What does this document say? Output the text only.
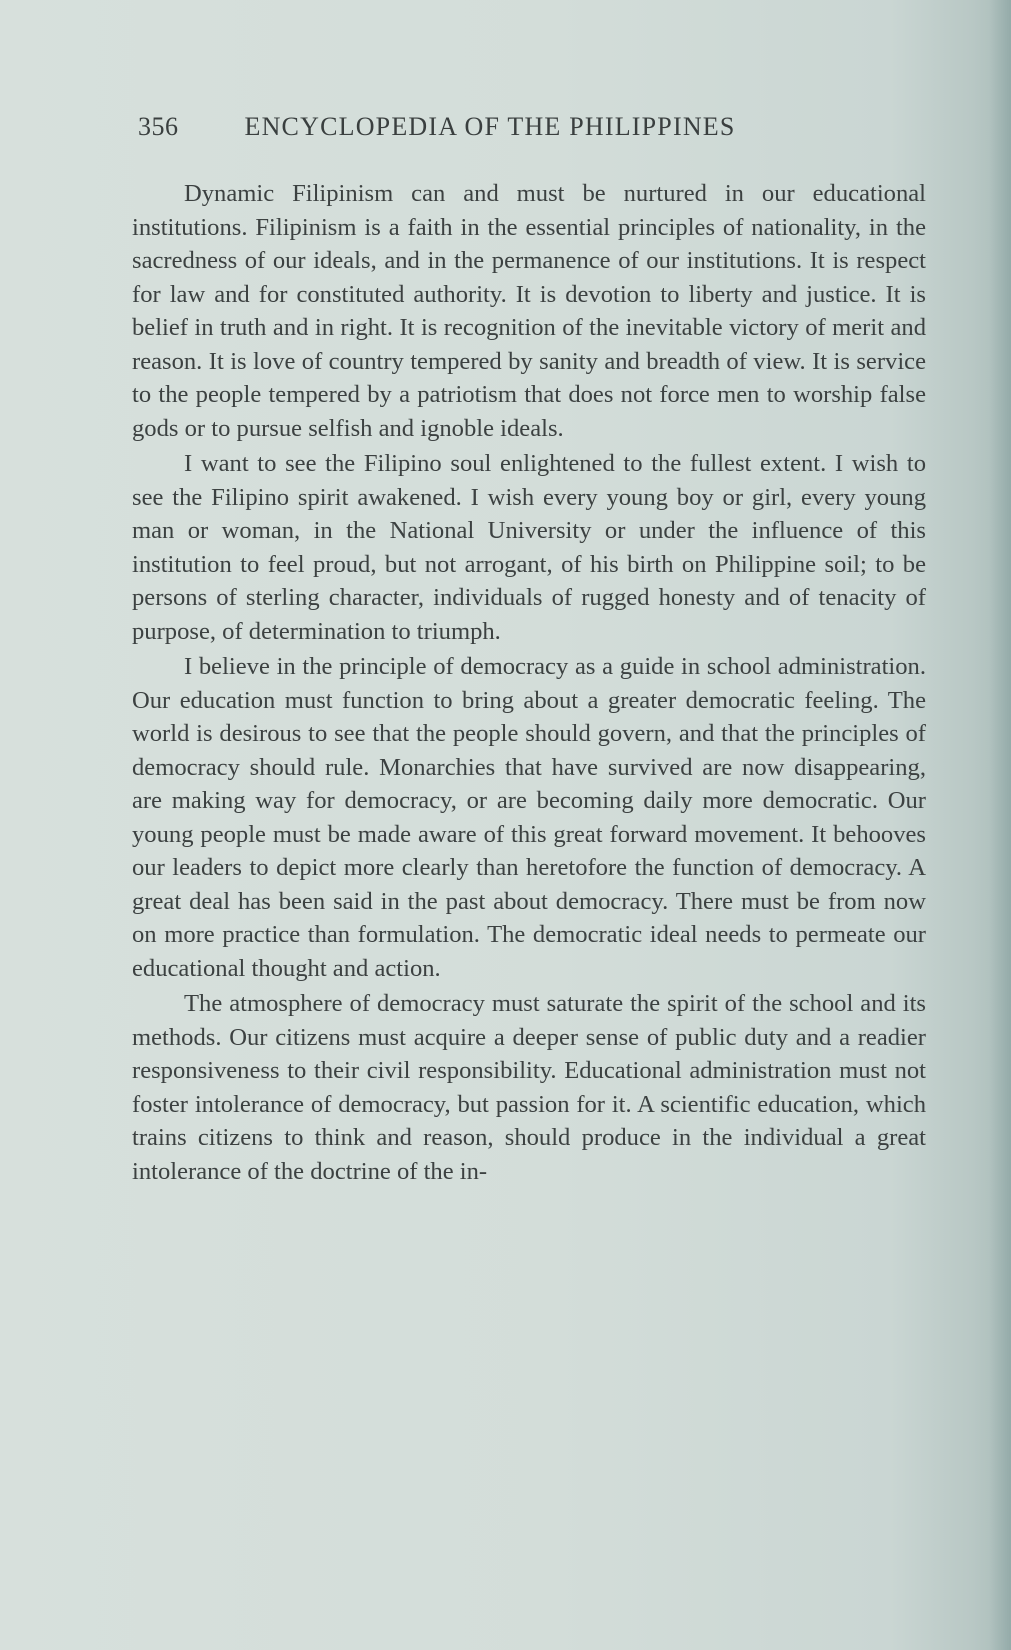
356	ENCYCLOPEDIA OF THE PHILIPPINES

Dynamic Filipinism can and must be nurtured in our educational institutions. Filipinism is a faith in the essential principles of nationality, in the sacredness of our ideals, and in the permanence of our institutions. It is respect for law and for constituted authority. It is devotion to liberty and justice. It is belief in truth and in right. It is recognition of the inevitable victory of merit and reason. It is love of country tempered by sanity and breadth of view. It is service to the people tempered by a patriotism that does not force men to worship false gods or to pursue selfish and ignoble ideals.

I want to see the Filipino soul enlightened to the fullest extent. I wish to see the Filipino spirit awakened. I wish every young boy or girl, every young man or woman, in the National University or under the influence of this institution to feel proud, but not arrogant, of his birth on Philippine soil; to be persons of sterling character, individuals of rugged honesty and of tenacity of purpose, of determination to triumph.

I believe in the principle of democracy as a guide in school administration. Our education must function to bring about a greater democratic feeling. The world is desirous to see that the people should govern, and that the principles of democracy should rule. Monarchies that have survived are now disappearing, are making way for democracy, or are becoming daily more democratic. Our young people must be made aware of this great forward movement. It behooves our leaders to depict more clearly than heretofore the function of democracy. A great deal has been said in the past about democracy. There must be from now on more practice than formulation. The democratic ideal needs to permeate our educational thought and action.

The atmosphere of democracy must saturate the spirit of the school and its methods. Our citizens must acquire a deeper sense of public duty and a readier responsiveness to their civil responsibility. Educational administration must not foster intolerance of democracy, but passion for it. A scientific education, which trains citizens to think and reason, should produce in the individual a great intolerance of the doctrine of the in-
